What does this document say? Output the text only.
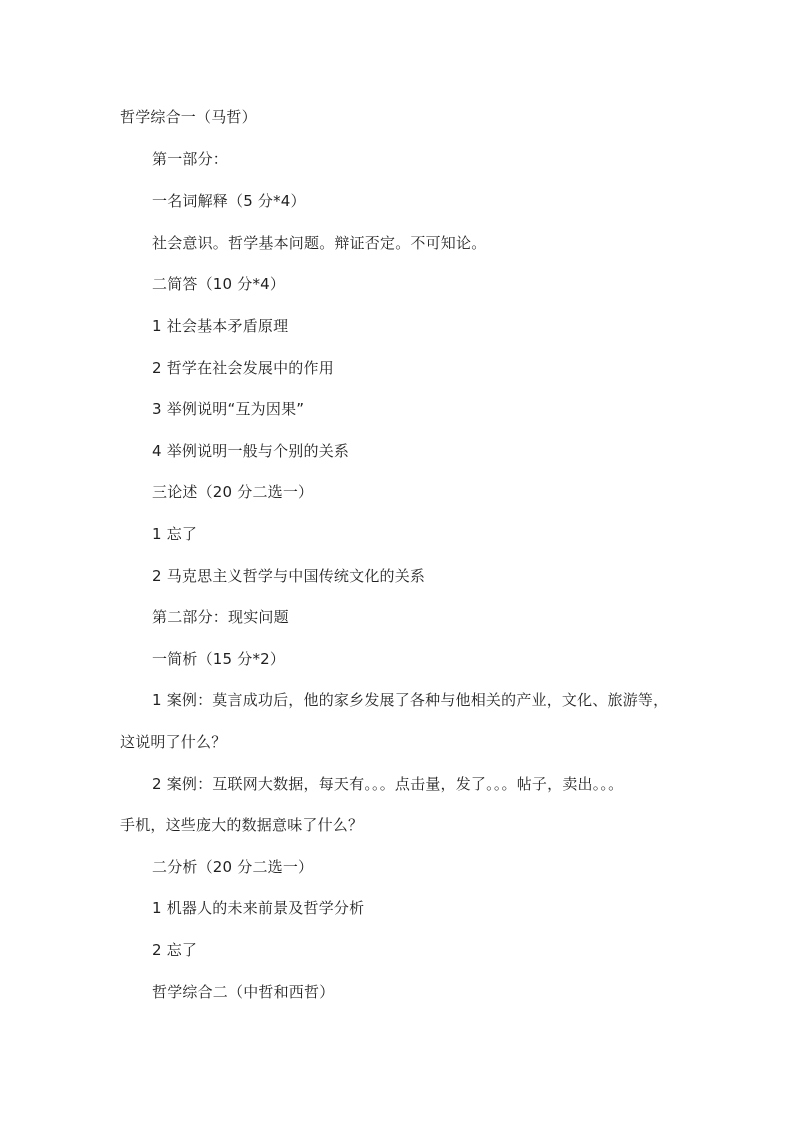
哲学综合一（马哲）
第一部分：
一名词解释（5 分*4）
社会意识。哲学基本问题。辩证否定。不可知论。
二简答（10 分*4）
1 社会基本矛盾原理
2 哲学在社会发展中的作用
3 举例说明“互为因果”
4 举例说明一般与个别的关系
三论述（20 分二选一）
1 忘了
2 马克思主义哲学与中国传统文化的关系
第二部分：现实问题
一简析（15 分*2）
1 案例：莫言成功后，他的家乡发展了各种与他相关的产业，文化、旅游等，
这说明了什么？
2 案例：互联网大数据，每天有。。。点击量，发了。。。帖子，卖出。。。
手机，这些庞大的数据意味了什么？
二分析（20 分二选一）
1 机器人的未来前景及哲学分析
2 忘了
哲学综合二（中哲和西哲）
